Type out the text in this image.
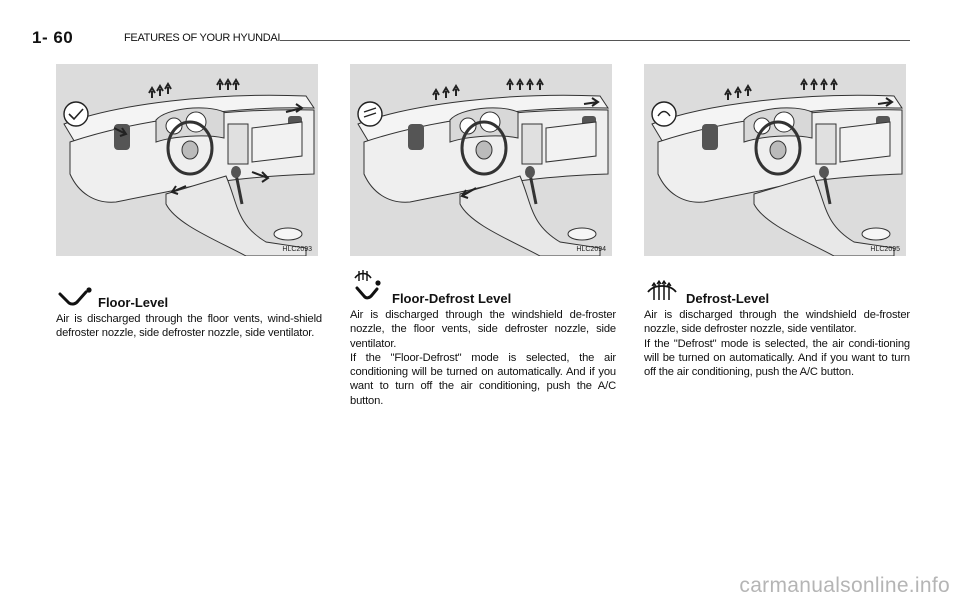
1- 60	FEATURES OF YOUR HYUNDAI
HLC2093	HLC2094	HLC2095
Floor-Level

Air is discharged through the floor vents, wind-shield defroster nozzle, side defroster nozzle, side ventilator.

Floor-Defrost Level

Air is discharged through the windshield de-froster nozzle, the floor vents, side defroster nozzle, side ventilator.

If the "Floor-Defrost" mode is selected, the air conditioning will be turned on automatically. And if you want to turn off the air conditioning, push the A/C button.

Defrost-Level

Air is discharged through the windshield de-froster nozzle, side defroster nozzle, side ventilator.

If the "Defrost" mode is selected, the air condi-tioning will be turned on automatically. And if you want to turn off the air conditioning, push the A/C button.

carmanualsonline.info
